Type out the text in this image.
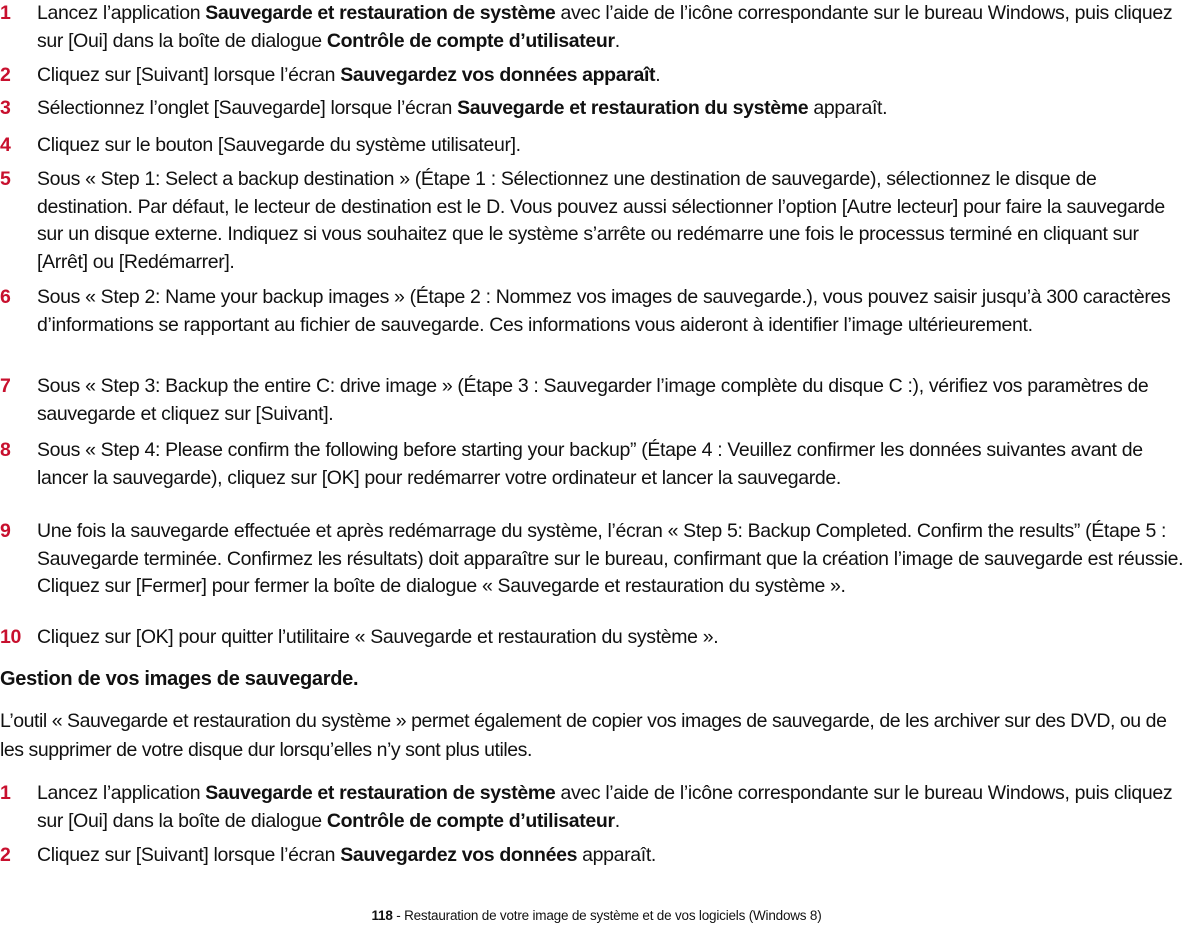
1	Lancez l’application Sauvegarde et restauration de système avec l’aide de l’icône correspondante sur le bureau Windows, puis cliquez sur [Oui] dans la boîte de dialogue Contrôle de compte d’utilisateur.
2	Cliquez sur [Suivant] lorsque l’écran Sauvegardez vos données apparaît.
3	Sélectionnez l’onglet [Sauvegarde] lorsque l’écran Sauvegarde et restauration du système apparaît.
4	Cliquez sur le bouton [Sauvegarde du système utilisateur].
5	Sous « Step 1: Select a backup destination » (Étape 1 : Sélectionnez une destination de sauvegarde), sélectionnez le disque de destination. Par défaut, le lecteur de destination est le D. Vous pouvez aussi sélectionner l’option [Autre lecteur] pour faire la sauvegarde sur un disque externe. Indiquez si vous souhaitez que le système s’arrête ou redémarre une fois le processus terminé en cliquant sur [Arrêt] ou [Redémarrer].
6	Sous « Step 2: Name your backup images » (Étape 2 : Nommez vos images de sauvegarde.), vous pouvez saisir jusqu’à 300 caractères d’informations se rapportant au fichier de sauvegarde. Ces informations vous aideront à identifier l’image ultérieurement.
7	Sous « Step 3: Backup the entire C: drive image » (Étape 3 : Sauvegarder l’image complète du disque C :), vérifiez vos paramètres de sauvegarde et cliquez sur [Suivant].
8	Sous « Step 4: Please confirm the following before starting your backup” (Étape 4 : Veuillez confirmer les données suivantes avant de lancer la sauvegarde), cliquez sur [OK] pour redémarrer votre ordinateur et lancer la sauvegarde.
9	Une fois la sauvegarde effectuée et après redémarrage du système, l’écran « Step 5: Backup Completed. Confirm the results” (Étape 5 : Sauvegarde terminée. Confirmez les résultats) doit apparaître sur le bureau, confirmant que la création l’image de sauvegarde est réussie. Cliquez sur [Fermer] pour fermer la boîte de dialogue « Sauvegarde et restauration du système ».
10 Cliquez sur [OK] pour quitter l’utilitaire « Sauvegarde et restauration du système ».
Gestion de vos images de sauvegarde.
L’outil « Sauvegarde et restauration du système » permet également de copier vos images de sauvegarde, de les archiver sur des DVD, ou de les supprimer de votre disque dur lorsqu’elles n’y sont plus utiles.
1	Lancez l’application Sauvegarde et restauration de système avec l’aide de l’icône correspondante sur le bureau Windows, puis cliquez sur [Oui] dans la boîte de dialogue Contrôle de compte d’utilisateur.
2	Cliquez sur [Suivant] lorsque l’écran Sauvegardez vos données apparaît.
118 - Restauration de votre image de système et de vos logiciels (Windows 8)
